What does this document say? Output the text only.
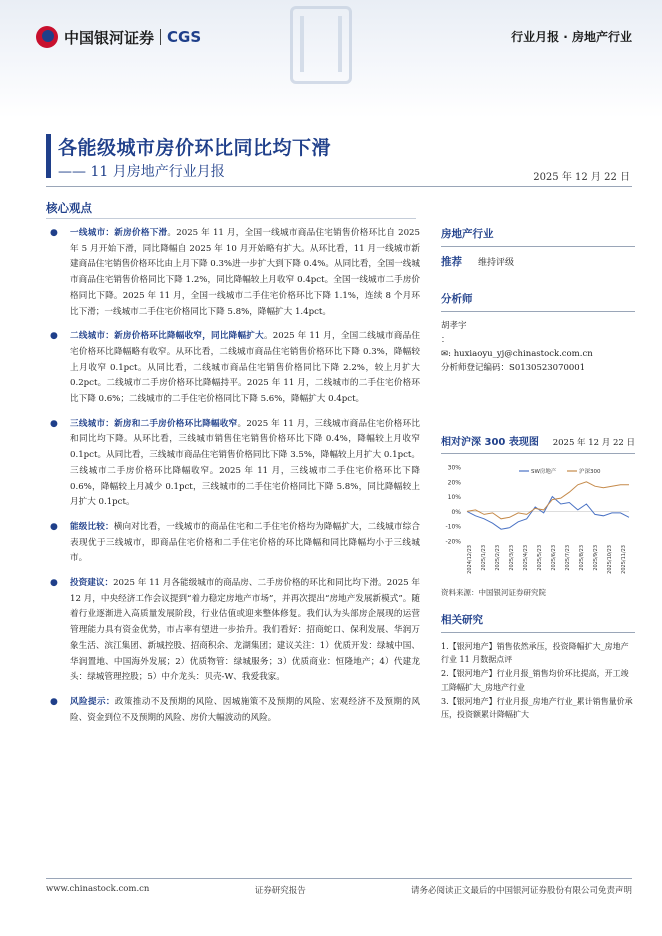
中国银河证券 CGS	行业月报 · 房地产行业
各能级城市房价环比同比均下滑
—— 11 月房地产行业月报	2025 年 12 月 22 日
核心观点
● 一线城市：新房价格下滑。2025 年 11 月，全国一线城市商品住宅销售价格环比自 2025 年 5 月开始下滑，同比降幅自 2025 年 10 月开始略有扩大。从环比看，11 月一线城市新建商品住宅销售价格环比由上月下降 0.3%进一步扩大到下降 0.4%。从同比看，全国一线城市商品住宅销售价格同比下降 1.2%，同比降幅较上月收窄 0.4pct。全国一线城市二手房价格同比下降。2025 年 11 月，全国一线城市二手住宅价格环比下降 1.1%，连续 8 个月环比下滑；一线城市二手住宅价格同比下降 5.8%，降幅扩大 1.4pct。
● 二线城市：新房价格环比降幅收窄，同比降幅扩大。2025 年 11 月，全国二线城市商品住宅价格环比降幅略有收窄。从环比看，二线城市商品住宅销售价格环比下降 0.3%，降幅较上月收窄 0.1pct。从同比看，二线城市商品住宅销售价格同比下降 2.2%，较上月扩大 0.2pct。二线城市二手房价格环比降幅持平。2025 年 11 月，二线城市的二手住宅价格环比下降 0.6%；二线城市的二手住宅价格同比下降 5.6%，降幅扩大 0.4pct。
● 三线城市：新房和二手房价格环比降幅收窄。2025 年 11 月，三线城市商品住宅价格环比和同比均下降。从环比看，三线城市销售住宅销售价格环比下降 0.4%，降幅较上月收窄 0.1pct。从同比看，三线城市商品住宅销售价格同比下降 3.5%，降幅较上月扩大 0.1pct。三线城市二手房价格环比降幅收窄。2025 年 11 月，三线城市二手住宅价格环比下降 0.6%，降幅较上月减少 0.1pct，三线城市的二手住宅价格同比下降 5.8%，同比降幅较上月扩大 0.1pct。
● 能级比较：横向对比看，一线城市的商品住宅和二手住宅价格均为降幅扩大，二线城市综合表现优于三线城市，即商品住宅价格和二手住宅价格的环比降幅和同比降幅均小于三线城市。
● 投资建议：2025 年 11 月各能级城市的商品房、二手房价格的环比和同比均下滑。2025 年 12 月，中央经济工作会议提到“着力稳定房地产市场”，并再次提出“房地产发展新模式”。随着行业逐渐进入高质量发展阶段，行业估值或迎来整体修复。我们认为头部房企展现的运营管理能力具有资金优势，市占率有望进一步抬升。我们看好：招商蛇口、保利发展、华润万象生活、滨江集团、新城控股、招商积余、龙湖集团；建议关注：1）优质开发：绿城中国、华润置地、中国海外发展；2）优质物管：绿城服务；3）优质商业：恒隆地产；4）代建龙头：绿城管理控股；5）中介龙头：贝壳-W、我爱我家。
● 风险提示：政策推动不及预期的风险、因城施策不及预期的风险、宏观经济不及预期的风险、资金到位不及预期的风险、房价大幅波动的风险。
房地产行业
推荐 维持评级
分析师
胡孝宇
：
✉: huxiaoyu_yj@chinastock.com.cn
分析师登记编码：S0130523070001
相对沪深 300 表现图 2025 年 12 月 22 日
30%
20%
10%
0%
-10%
-20%
2024/12/23 2025/1/23 2025/2/23 2025/3/23 2025/4/23 2025/5/23 2025/6/23 2025/7/23 2025/8/23 2025/9/23 2025/10/23 2025/11/23
SW房地产	沪深300
资料来源：中国银河证券研究院
相关研究
1.【银河地产】销售依然承压，投资降幅扩大_房地产行业 11 月数据点评
2.【银河地产】行业月报_销售均价环比提高，开工竣工降幅扩大_房地产行业
3.【银河地产】行业月报_房地产行业_累计销售量价承压，投资额累计降幅扩大
www.chinastock.com.cn	证券研究报告	请务必阅读正文最后的中国银河证券股份有限公司免责声明
